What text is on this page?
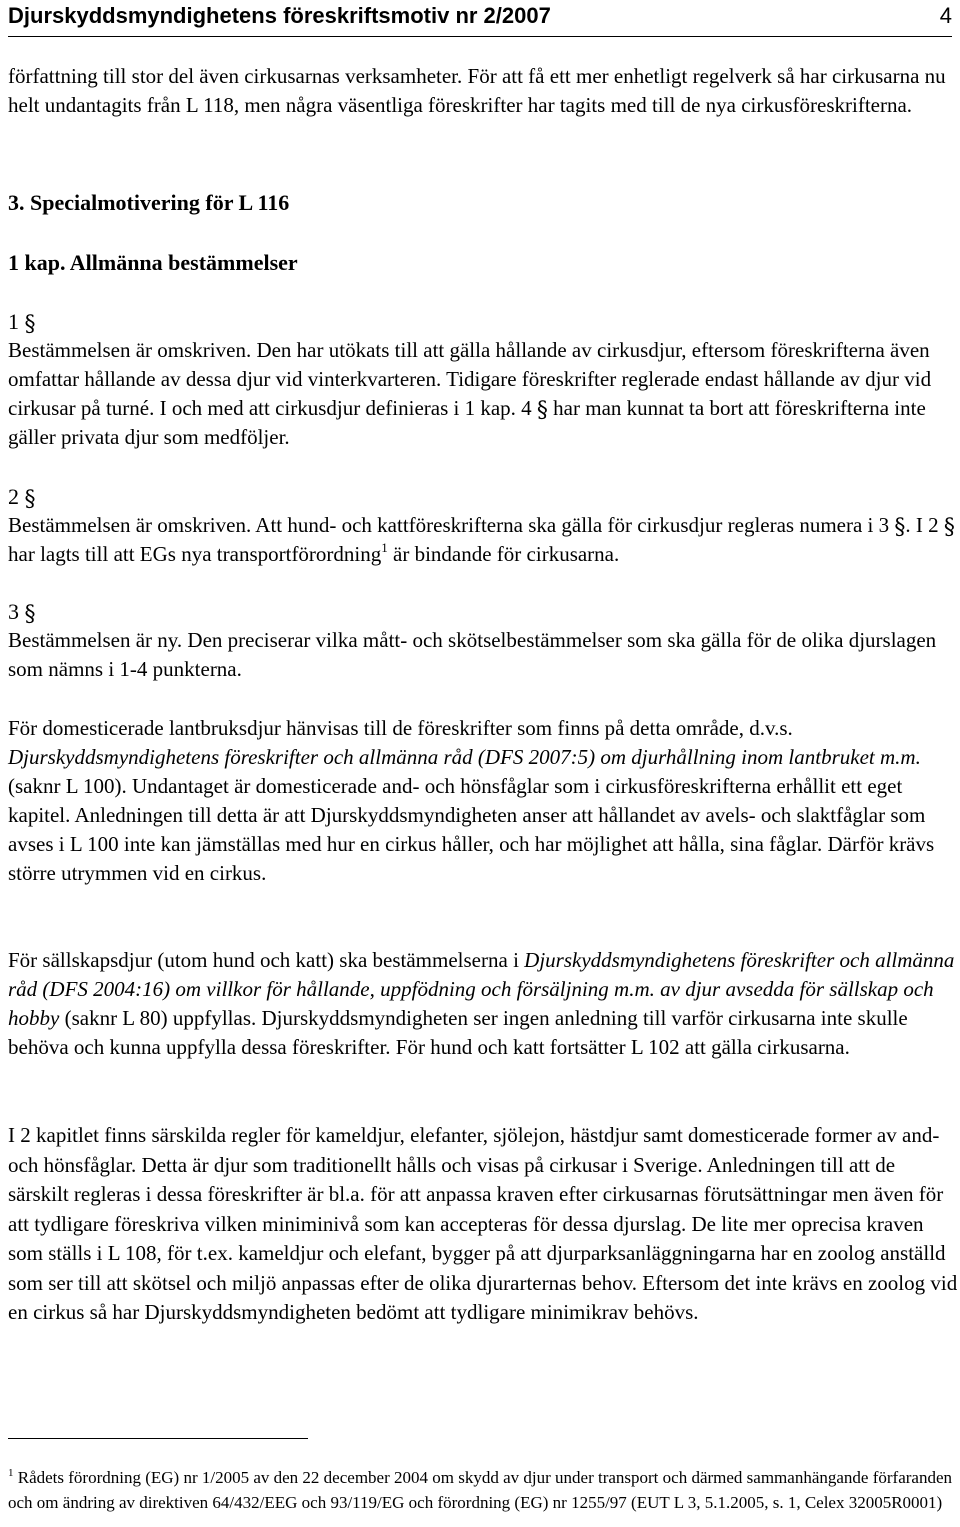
Djurskyddsmyndighetens föreskriftsmotiv nr 2/2007	4

författning till stor del även cirkusarnas verksamheter. För att få ett mer enhetligt regelverk så har cirkusarna nu helt undantagits från L 118, men några väsentliga föreskrifter har tagits med till de nya cirkusföreskrifterna.

3. Specialmotivering för L 116
1 kap. Allmänna bestämmelser
1 §

Bestämmelsen är omskriven. Den har utökats till att gälla hållande av cirkusdjur, eftersom föreskrifterna även omfattar hållande av dessa djur vid vinterkvarteren. Tidigare föreskrifter reglerade endast hållande av djur vid cirkusar på turné. I och med att cirkusdjur definieras i 1 kap. 4 § har man kunnat ta bort att föreskrifterna inte gäller privata djur som medföljer.

2 §

Bestämmelsen är omskriven. Att hund- och kattföreskrifterna ska gälla för cirkusdjur regleras numera i 3 §. I 2 § har lagts till att EGs nya transportförordning$^1$ är bindande för cirkusarna.

3 §

Bestämmelsen är ny. Den preciserar vilka mått- och skötselbestämmelser som ska gälla för de olika djurslagen som nämns i 1-4 punkterna.

För domesticerade lantbruksdjur hänvisas till de föreskrifter som finns på detta område, d.v.s. Djurskyddsmyndighetens föreskrifter och allmänna råd (DFS 2007:5) om djurhållning inom lantbruket m.m. (saknr L 100). Undantaget är domesticerade and- och hönsfåglar som i cirkusföreskrifterna erhållit ett eget kapitel. Anledningen till detta är att Djurskyddsmyndigheten anser att hållandet av avels- och slaktfåglar som avses i L 100 inte kan jämställas med hur en cirkus håller, och har möjlighet att hålla, sina fåglar. Därför krävs större utrymmen vid en cirkus.

För sällskapsdjur (utom hund och katt) ska bestämmelserna i Djurskyddsmyndighetens föreskrifter och allmänna råd (DFS 2004:16) om villkor för hållande, uppfödning och försäljning m.m. av djur avsedda för sällskap och hobby (saknr L 80) uppfyllas. Djurskyddsmyndigheten ser ingen anledning till varför cirkusarna inte skulle behöva och kunna uppfylla dessa föreskrifter. För hund och katt fortsätter L 102 att gälla cirkusarna.

I 2 kapitlet finns särskilda regler för kameldjur, elefanter, sjölejon, hästdjur samt domesticerade former av and- och hönsfåglar. Detta är djur som traditionellt hålls och visas på cirkusar i Sverige. Anledningen till att de särskilt regleras i dessa föreskrifter är bl.a. för att anpassa kraven efter cirkusarnas förutsättningar men även för att tydligare föreskriva vilken miniminivå som kan accepteras för dessa djurslag. De lite mer oprecisa kraven som ställs i L 108, för t.ex. kameldjur och elefant, bygger på att djurparksanläggningarna har en zoolog anställd som ser till att skötsel och miljö anpassas efter de olika djurarternas behov. Eftersom det inte krävs en zoolog vid en cirkus så har Djurskyddsmyndigheten bedömt att tydligare minimikrav behövs.

$^1$ Rådets förordning (EG) nr 1/2005 av den 22 december 2004 om skydd av djur under transport och därmed sammanhängande förfaranden och om ändring av direktiven 64/432/EEG och 93/119/EG och förordning (EG) nr 1255/97 (EUT L 3, 5.1.2005, s. 1, Celex 32005R0001)
